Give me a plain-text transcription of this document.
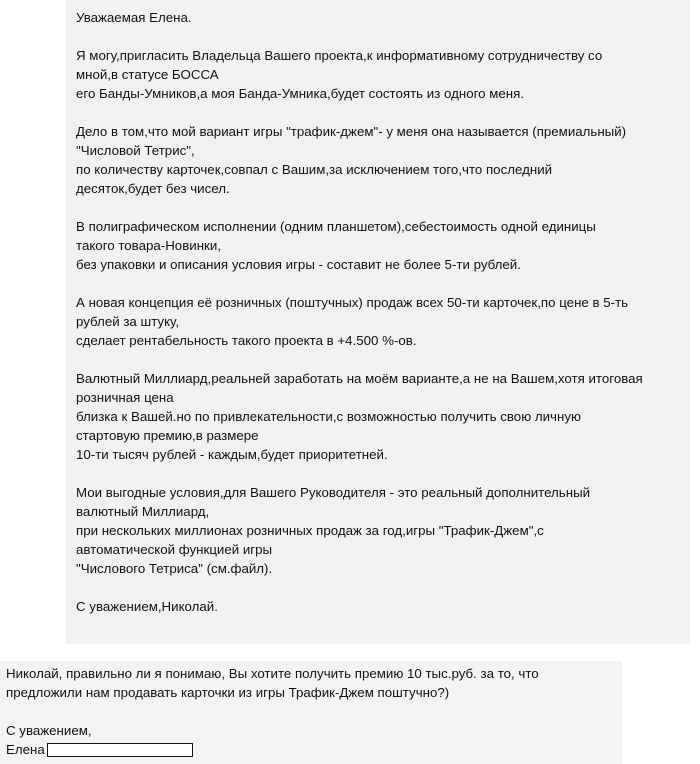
Уважаемая Елена.
Я могу,пригласить Владельца Вашего проекта,к информативному сотрудничеству со
мной,в статусе БОССА
его Банды-Умников,а моя Банда-Умника,будет состоять из одного меня.
Дело в том,что мой вариант игры "трафик-джем"- у меня она называется (премиальный)
"Числовой Тетрис",
по количеству карточек,совпал с Вашим,за исключением того,что последний
десяток,будет без чисел.
В полиграфическом исполнении (одним планшетом),себестоимость одной единицы
такого товара-Новинки,
без упаковки и описания условия игры - составит не более 5-ти рублей.
А новая концепция её розничных (поштучных) продаж всех 50-ти карточек,по цене в 5-ть
рублей за штуку,
сделает рентабельность такого проекта в +4.500 %-ов.
Валютный Миллиард,реальней заработать на моём варианте,а не на Вашем,хотя итоговая
розничная цена
близка к Вашей.но по привлекательности,с возможностью получить свою личную
стартовую премию,в размере
10-ти тысяч рублей - каждым,будет приоритетней.
Мои выгодные условия,для Вашего Руководителя - это реальный дополнительный
валютный Миллиард,
при нескольких миллионах розничных продаж за год,игры "Трафик-Джем",с
автоматической функцией игры
"Числового Тетриса" (см.файл).
С уважением,Николай.
Николай, правильно ли я понимаю, Вы хотите получить премию 10 тыс.руб. за то, что
предложили нам продавать карточки из игры Трафик-Джем поштучно?)
С уважением,
Елена
